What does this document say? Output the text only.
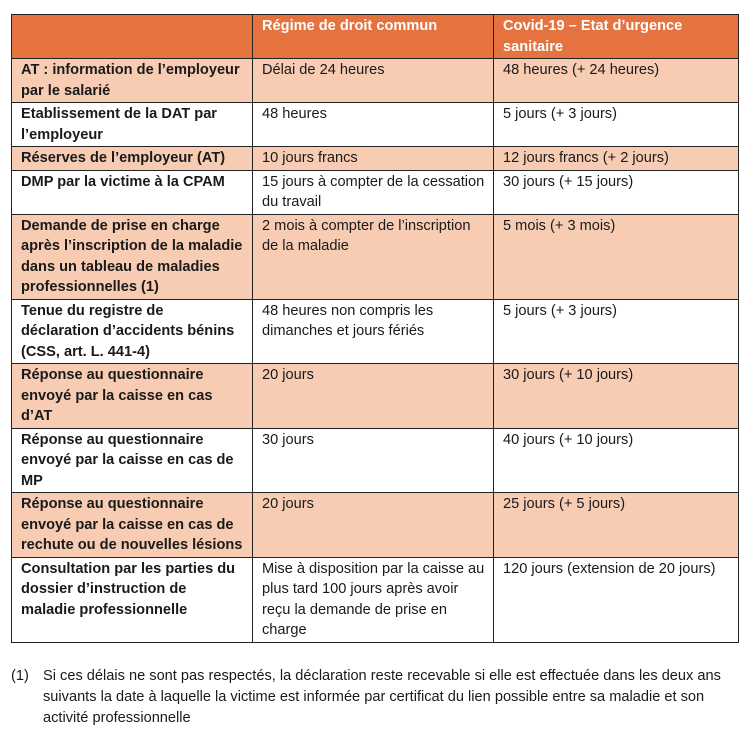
	Régime de droit commun	Covid-19 – Etat d’urgence sanitaire
AT : information de l’employeur par le salarié	Délai de 24 heures	48 heures (+ 24 heures)
Etablissement de la DAT par l’employeur	48 heures	5 jours (+ 3 jours)
Réserves de l’employeur (AT)	10 jours francs	12 jours francs (+ 2 jours)
DMP par la victime à la CPAM	15 jours à compter de la cessation du travail	30 jours (+ 15 jours)
Demande de prise en charge après l’inscription de la maladie dans un tableau de maladies professionnelles (1)	2 mois à compter de l’inscription de la maladie	5 mois (+ 3 mois)
Tenue du registre de déclaration d’accidents bénins (CSS, art. L. 441-4)	48 heures non compris les dimanches et jours fériés	5 jours (+ 3 jours)
Réponse au questionnaire envoyé par la caisse en cas d’AT	20 jours	30 jours (+ 10 jours)
Réponse au questionnaire envoyé par la caisse en cas de MP	30 jours	40 jours (+ 10 jours)
Réponse au questionnaire envoyé par la caisse en cas de rechute ou de nouvelles lésions	20 jours	25 jours (+ 5 jours)
Consultation par les parties du dossier d’instruction de maladie professionnelle	Mise à disposition par la caisse au plus tard 100 jours après avoir reçu la demande de prise en charge	120 jours (extension de 20 jours)
(1) Si ces délais ne sont pas respectés, la déclaration reste recevable si elle est effectuée dans les deux ans suivants la date à laquelle la victime est informée par certificat du lien possible entre sa maladie et son activité professionnelle
